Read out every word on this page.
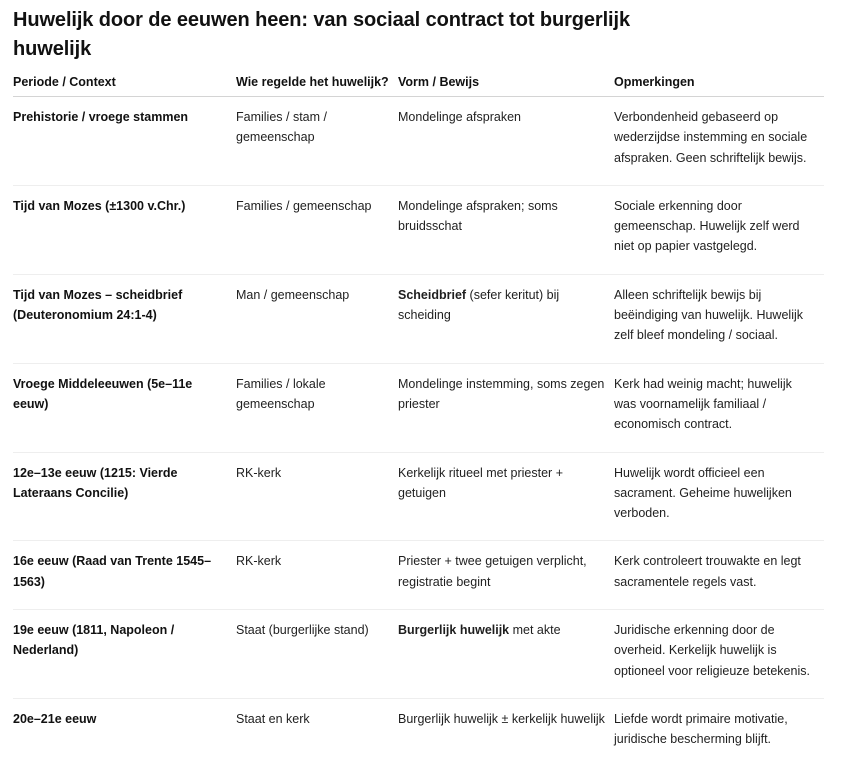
Huwelijk door de eeuwen heen: van sociaal contract tot burgerlijk huwelijk
Periode / Context	Wie regelde het huwelijk?	Vorm / Bewijs	Opmerkingen
Prehistorie / vroege stammen	Families / stam / gemeenschap	Mondelinge afspraken	Verbondenheid gebaseerd op wederzijdse instemming en sociale afspraken. Geen schriftelijk bewijs.
Tijd van Mozes (±1300 v.Chr.)	Families / gemeenschap	Mondelinge afspraken; soms bruidsschat	Sociale erkenning door gemeenschap. Huwelijk zelf werd niet op papier vastgelegd.
Tijd van Mozes – scheidbrief (Deuteronomium 24:1-4)	Man / gemeenschap	Scheidbrief (sefer keritut) bij scheiding	Alleen schriftelijk bewijs bij beëindiging van huwelijk. Huwelijk zelf bleef mondeling / sociaal.
Vroege Middeleeuwen (5e–11e eeuw)	Families / lokale gemeenschap	Mondelinge instemming, soms zegen priester	Kerk had weinig macht; huwelijk was voornamelijk familiaal / economisch contract.
12e–13e eeuw (1215: Vierde Lateraans Concilie)	RK-kerk	Kerkelijk ritueel met priester + getuigen	Huwelijk wordt officieel een sacrament. Geheime huwelijken verboden.
16e eeuw (Raad van Trente 1545–1563)	RK-kerk	Priester + twee getuigen verplicht, registratie begint	Kerk controleert trouwakte en legt sacramentele regels vast.
19e eeuw (1811, Napoleon / Nederland)	Staat (burgerlijke stand)	Burgerlijk huwelijk met akte	Juridische erkenning door de overheid. Kerkelijk huwelijk is optioneel voor religieuze betekenis.
20e–21e eeuw	Staat en kerk	Burgerlijk huwelijk ± kerkelijk huwelijk	Liefde wordt primaire motivatie, juridische bescherming blijft.
